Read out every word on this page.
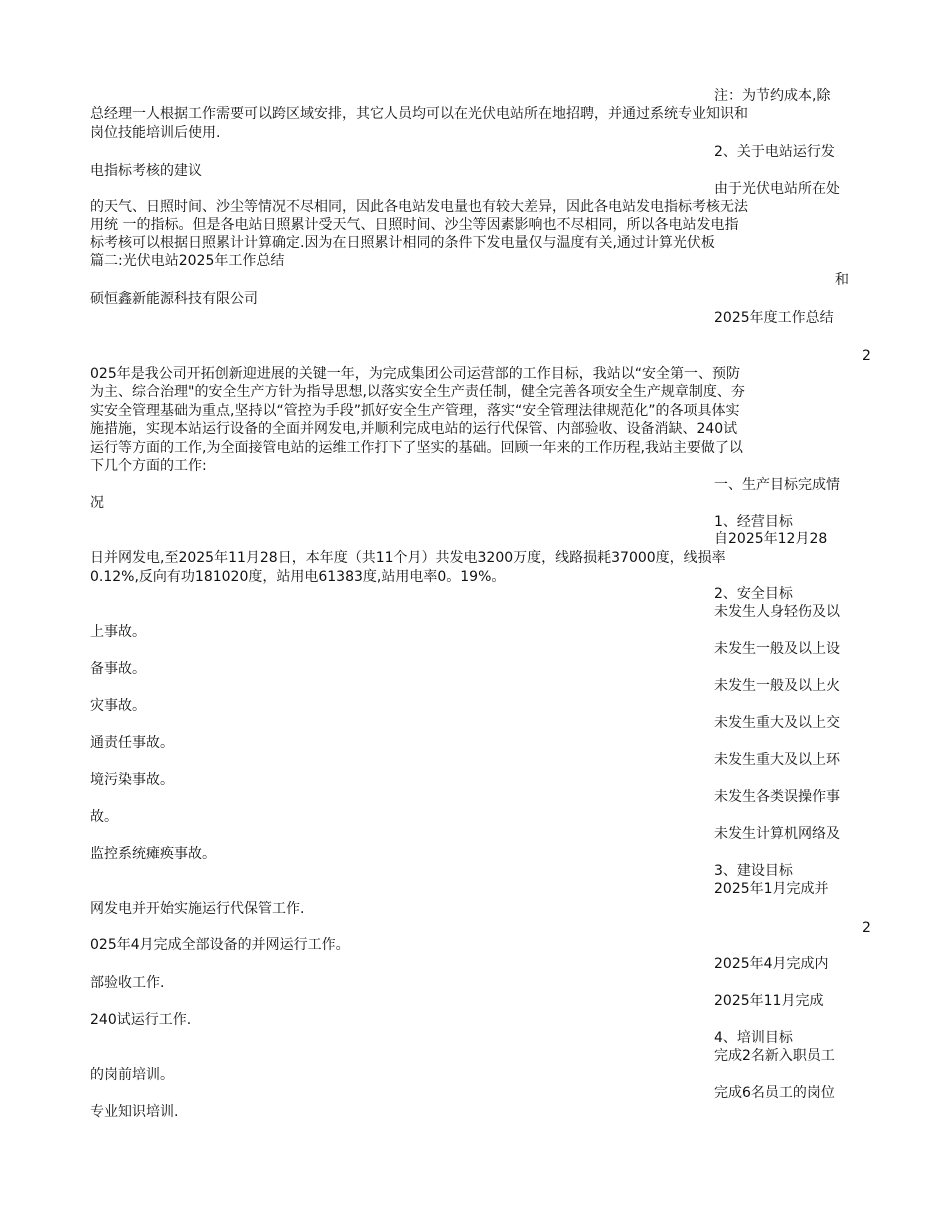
注：为节约成本,除

总经理一人根据工作需要可以跨区域安排，其它人员均可以在光伏电站所在地招聘，并通过系统专业知识和

岗位技能培训后使用.

2、关于电站运行发

电指标考核的建议

由于光伏电站所在处

的天气、日照时间、沙尘等情况不尽相同，因此各电站发电量也有较大差异，因此各电站发电指标考核无法

用统 一的指标。但是各电站日照累计受天气、日照时间、沙尘等因素影响也不尽相同，所以各电站发电指

标考核可以根据日照累计计算确定.因为在日照累计相同的条件下发电量仅与温度有关,通过计算光伏板

篇二:光伏电站2025年工作总结

和

硕恒鑫新能源科技有限公司

2025年度工作总结

2

025年是我公司开拓创新迎进展的关键一年，为完成集团公司运营部的工作目标，我站以“安全第一、预防

为主、综合治理"的安全生产方针为指导思想,以落实安全生产责任制，健全完善各项安全生产规章制度、夯

实安全管理基础为重点,坚持以“管控为手段”抓好安全生产管理，落实“安全管理法律规范化”的各项具体实

施措施，实现本站运行设备的全面并网发电,并顺利完成电站的运行代保管、内部验收、设备消缺、240试

运行等方面的工作,为全面接管电站的运维工作打下了坚实的基础。回顾一年来的工作历程,我站主要做了以

下几个方面的工作:

一、生产目标完成情

况

1、经营目标

自2025年12月28

日并网发电,至2025年11月28日，本年度（共11个月）共发电3200万度，线路损耗37000度，线损率

0.12%,反向有功181020度，站用电61383度,站用电率0。19%。

2、安全目标

未发生人身轻伤及以

上事故。

未发生一般及以上设

备事故。

未发生一般及以上火

灾事故。

未发生重大及以上交

通责任事故。

未发生重大及以上环

境污染事故。

未发生各类误操作事

故。

未发生计算机网络及

监控系统瘫痪事故。

3、建设目标

2025年1月完成并

网发电并开始实施运行代保管工作.

2

025年4月完成全部设备的并网运行工作。

2025年4月完成内

部验收工作.

2025年11月完成

240试运行工作.

4、培训目标

完成2名新入职员工

的岗前培训。

完成6名员工的岗位

专业知识培训.
